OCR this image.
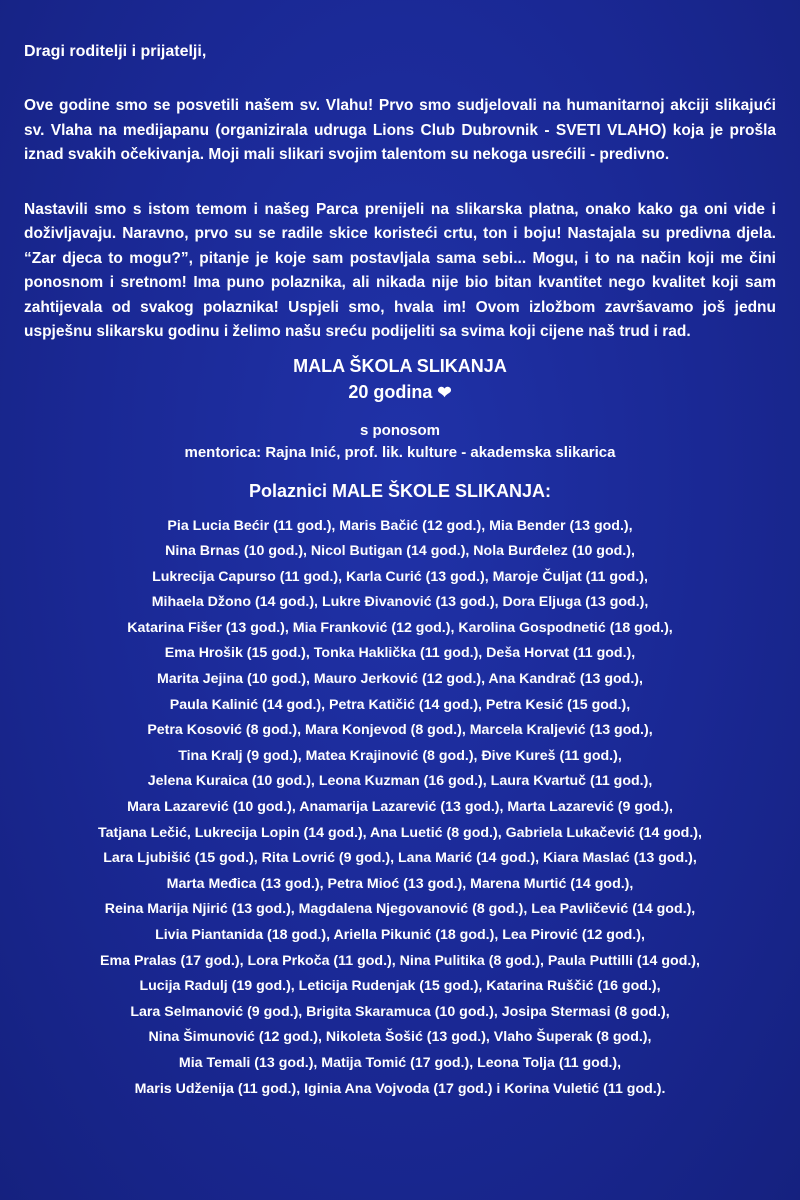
Dragi roditelji i prijatelji,

Ove godine smo se posvetili našem sv. Vlahu! Prvo smo sudjelovali na humanitarnoj akciji slikajući sv. Vlaha na medijapanu (organizirala udruga Lions Club Dubrovnik - SVETI VLAHO) koja je prošla iznad svakih očekivanja. Moji mali slikari svojim talentom su nekoga usrećili - predivno.

Nastavili smo s istom temom i našeg Parca prenijeli na slikarska platna, onako kako ga oni vide i doživljavaju. Naravno, prvo su se radile skice koristeći crtu, ton i boju! Nastajala su predivna djela. “Zar djeca to mogu?”, pitanje je koje sam postavljala sama sebi... Mogu, i to na način koji me čini ponosnom i sretnom! Ima puno polaznika, ali nikada nije bio bitan kvantitet nego kvalitet koji sam zahtijevala od svakog polaznika! Uspjeli smo, hvala im! Ovom izložbom završavamo još jednu uspješnu slikarsku godinu i želimo našu sreću podijeliti sa svima koji cijene naš trud i rad.

MALA ŠKOLA SLIKANJA
20 godina ❤
s ponosom
mentorica: Rajna Inić, prof. lik. kulture - akademska slikarica
Polaznici MALE ŠKOLE SLIKANJA:
Pia Lucia Bećir (11 god.), Maris Bačić (12 god.), Mia Bender (13 god.),
Nina Brnas (10 god.), Nicol Butigan (14 god.), Nola Burđelez (10 god.),
Lukrecija Capurso (11 god.), Karla Curić (13 god.), Maroje Čuljat (11 god.),
Mihaela Džono (14 god.), Lukre Đivanović (13 god.), Dora Eljuga (13 god.),
Katarina Fišer (13 god.), Mia Franković (12 god.), Karolina Gospodnetić (18 god.),
Ema Hrošik (15 god.), Tonka Haklička (11 god.), Deša Horvat (11 god.),
Marita Jejina (10 god.), Mauro Jerković (12 god.), Ana Kandrač (13 god.),
Paula Kalinić (14 god.), Petra Katičić (14 god.), Petra Kesić (15 god.),
Petra Kosović (8 god.), Mara Konjevod (8 god.), Marcela Kraljević (13 god.),
Tina Kralj (9 god.), Matea Krajinović (8 god.), Đive Kureš (11 god.),
Jelena Kuraica (10 god.), Leona Kuzman (16 god.), Laura Kvartuč (11 god.),
Mara Lazarević (10 god.), Anamarija Lazarević (13 god.), Marta Lazarević (9 god.),
Tatjana Lečić, Lukrecija Lopin (14 god.), Ana Luetić (8 god.), Gabriela Lukačević (14 god.),
Lara Ljubišić (15 god.), Rita Lovrić (9 god.), Lana Marić (14 god.), Kiara Maslać (13 god.),
Marta Međica (13 god.), Petra Mioć (13 god.), Marena Murtić (14 god.),
Reina Marija Njirić (13 god.), Magdalena Njegovanović (8 god.), Lea Pavličević (14 god.),
Livia Piantanida (18 god.), Ariella Pikunić (18 god.), Lea Pirović (12 god.),
Ema Pralas (17 god.), Lora Prkoča (11 god.), Nina Pulitika (8 god.), Paula Puttilli (14 god.),
Lucija Radulj (19 god.), Leticija Rudenjak (15 god.), Katarina Ruščić (16 god.),
Lara Selmanović (9 god.), Brigita Skaramuca (10 god.), Josipa Stermasi (8 god.),
Nina Šimunović (12 god.), Nikoleta Šošić (13 god.), Vlaho Šuperak (8 god.),
Mia Temali (13 god.), Matija Tomić (17 god.), Leona Tolja (11 god.),
Maris Udženija (11 god.), Iginia Ana Vojvoda (17 god.) i Korina Vuletić (11 god.).
